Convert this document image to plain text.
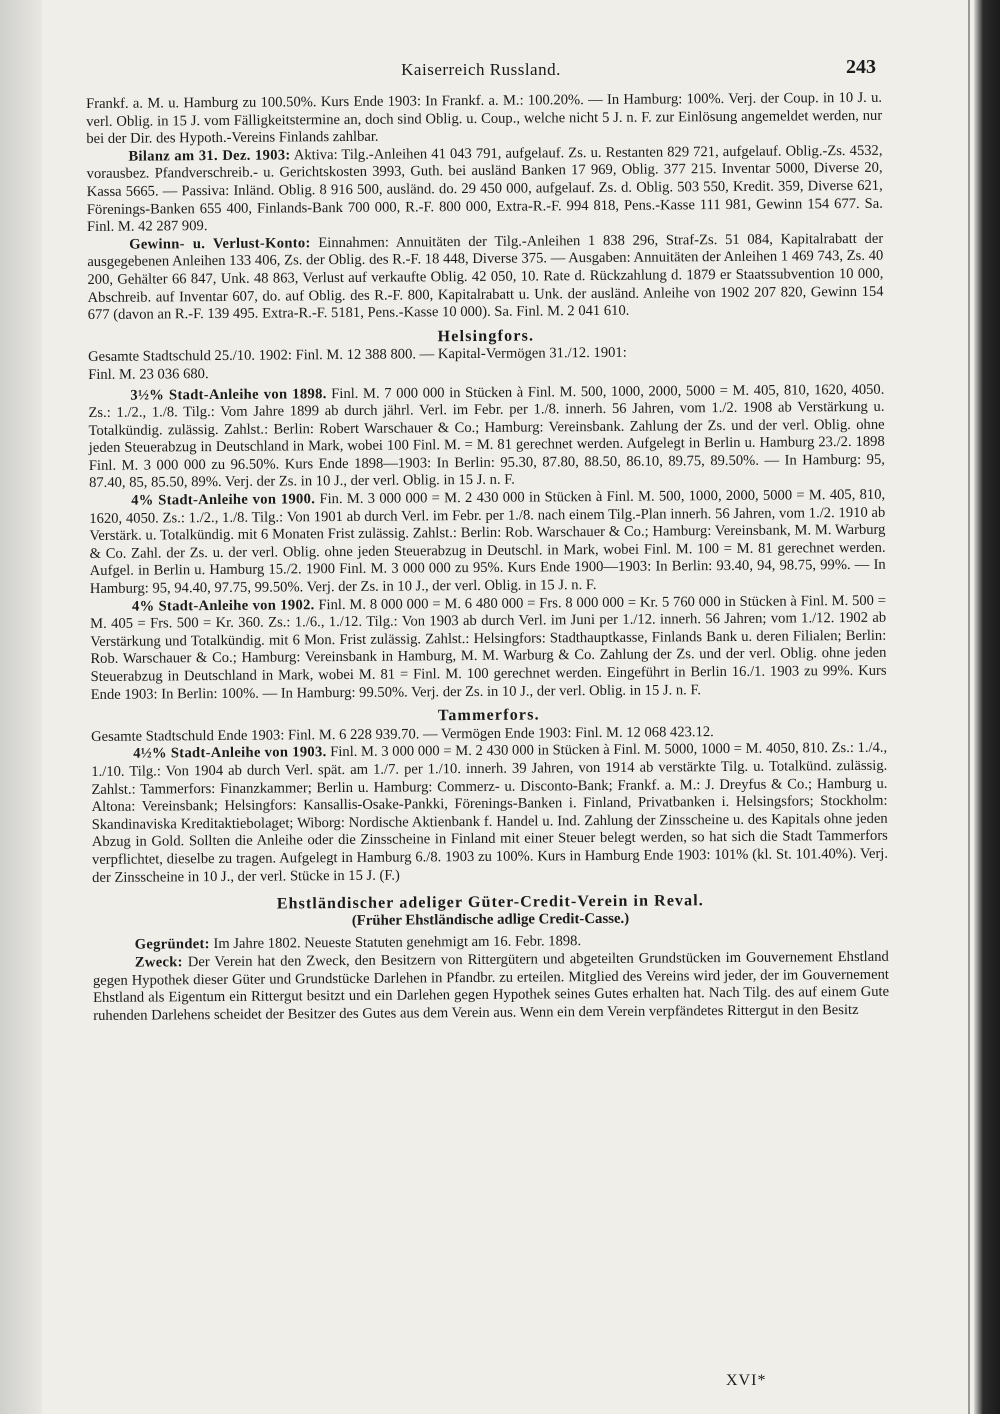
Kaiserreich Russland.	243

Frankf. a. M. u. Hamburg zu 100.50%. Kurs Ende 1903: In Frankf. a. M.: 100.20%. — In Hamburg: 100%. Verj. der Coup. in 10 J. u. verl. Oblig. in 15 J. vom Fälligkeitstermine an, doch sind Oblig. u. Coup., welche nicht 5 J. n. F. zur Einlösung angemeldet werden, nur bei der Dir. des Hypoth.-Vereins Finlands zahlbar.

Bilanz am 31. Dez. 1903: Aktiva: Tilg.-Anleihen 41 043 791, aufgelauf. Zs. u. Restanten 829 721, aufgelauf. Oblig.-Zs. 4532, vorausbez. Pfandverschreib.- u. Gerichtskosten 3993, Guth. bei ausländ Banken 17 969, Oblig. 377 215. Inventar 5000, Diverse 20, Kassa 5665. — Passiva: Inländ. Oblig. 8 916 500, ausländ. do. 29 450 000, aufgelauf. Zs. d. Oblig. 503 550, Kredit. 359, Diverse 621, Förenings-Banken 655 400, Finlands-Bank 700 000, R.-F. 800 000, Extra-R.-F. 994 818, Pens.-Kasse 111 981, Gewinn 154 677. Sa. Finl. M. 42 287 909.

Gewinn- u. Verlust-Konto: Einnahmen: Annuitäten der Tilg.-Anleihen 1 838 296, Straf-Zs. 51 084, Kapitalrabatt der ausgegebenen Anleihen 133 406, Zs. der Oblig. des R.-F. 18 448, Diverse 375. — Ausgaben: Annuitäten der Anleihen 1 469 743, Zs. 40 200, Gehälter 66 847, Unk. 48 863, Verlust auf verkaufte Oblig. 42 050, 10. Rate d. Rückzahlung d. 1879 er Staatssubvention 10 000, Abschreib. auf Inventar 607, do. auf Oblig. des R.-F. 800, Kapitalrabatt u. Unk. der ausländ. Anleihe von 1902 207 820, Gewinn 154 677 (davon an R.-F. 139 495. Extra-R.-F. 5181, Pens.-Kasse 10 000). Sa. Finl. M. 2 041 610.

Helsingfors.

Gesamte Stadtschuld 25./10. 1902: Finl. M. 12 388 800. — Kapital-Vermögen 31./12. 1901:

Finl. M. 23 036 680.

3½% Stadt-Anleihe von 1898. Finl. M. 7 000 000 in Stücken à Finl. M. 500, 1000, 2000, 5000 = M. 405, 810, 1620, 4050. Zs.: 1./2., 1./8. Tilg.: Vom Jahre 1899 ab durch jährl. Verl. im Febr. per 1./8. innerh. 56 Jahren, vom 1./2. 1908 ab Verstärkung u. Totalkündig. zulässig. Zahlst.: Berlin: Robert Warschauer & Co.; Hamburg: Vereinsbank. Zahlung der Zs. und der verl. Oblig. ohne jeden Steuerabzug in Deutschland in Mark, wobei 100 Finl. M. = M. 81 gerechnet werden. Aufgelegt in Berlin u. Hamburg 23./2. 1898 Finl. M. 3 000 000 zu 96.50%. Kurs Ende 1898—1903: In Berlin: 95.30, 87.80, 88.50, 86.10, 89.75, 89.50%. — In Hamburg: 95, 87.40, 85, 85.50, 89%. Verj. der Zs. in 10 J., der verl. Oblig. in 15 J. n. F.

4% Stadt-Anleihe von 1900. Fin. M. 3 000 000 = M. 2 430 000 in Stücken à Finl. M. 500, 1000, 2000, 5000 = M. 405, 810, 1620, 4050. Zs.: 1./2., 1./8. Tilg.: Von 1901 ab durch Verl. im Febr. per 1./8. nach einem Tilg.-Plan innerh. 56 Jahren, vom 1./2. 1910 ab Verstärk. u. Totalkündig. mit 6 Monaten Frist zulässig. Zahlst.: Berlin: Rob. Warschauer & Co.; Hamburg: Vereinsbank, M. M. Warburg & Co. Zahl. der Zs. u. der verl. Oblig. ohne jeden Steuerabzug in Deutschl. in Mark, wobei Finl. M. 100 = M. 81 gerechnet werden. Aufgel. in Berlin u. Hamburg 15./2. 1900 Finl. M. 3 000 000 zu 95%. Kurs Ende 1900—1903: In Berlin: 93.40, 94, 98.75, 99%. — In Hamburg: 95, 94.40, 97.75, 99.50%. Verj. der Zs. in 10 J., der verl. Oblig. in 15 J. n. F.

4% Stadt-Anleihe von 1902. Finl. M. 8 000 000 = M. 6 480 000 = Frs. 8 000 000 = Kr. 5 760 000 in Stücken à Finl. M. 500 = M. 405 = Frs. 500 = Kr. 360. Zs.: 1./6., 1./12. Tilg.: Von 1903 ab durch Verl. im Juni per 1./12. innerh. 56 Jahren; vom 1./12. 1902 ab Verstärkung und Totalkündig. mit 6 Mon. Frist zulässig. Zahlst.: Helsingfors: Stadthauptkasse, Finlands Bank u. deren Filialen; Berlin: Rob. Warschauer & Co.; Hamburg: Vereinsbank in Hamburg, M. M. Warburg & Co. Zahlung der Zs. und der verl. Oblig. ohne jeden Steuerabzug in Deutschland in Mark, wobei M. 81 = Finl. M. 100 gerechnet werden. Eingeführt in Berlin 16./1. 1903 zu 99%. Kurs Ende 1903: In Berlin: 100%. — In Hamburg: 99.50%. Verj. der Zs. in 10 J., der verl. Oblig. in 15 J. n. F.

Tammerfors.

Gesamte Stadtschuld Ende 1903: Finl. M. 6 228 939.70. — Vermögen Ende 1903: Finl. M. 12 068 423.12.

4½% Stadt-Anleihe von 1903. Finl. M. 3 000 000 = M. 2 430 000 in Stücken à Finl. M. 5000, 1000 = M. 4050, 810. Zs.: 1./4., 1./10. Tilg.: Von 1904 ab durch Verl. spät. am 1./7. per 1./10. innerh. 39 Jahren, von 1914 ab verstärkte Tilg. u. Totalkünd. zulässig. Zahlst.: Tammerfors: Finanzkammer; Berlin u. Hamburg: Commerz- u. Disconto-Bank; Frankf. a. M.: J. Dreyfus & Co.; Hamburg u. Altona: Vereinsbank; Helsingfors: Kansallis-Osake-Pankki, Förenings-Banken i. Finland, Privatbanken i. Helsingsfors; Stockholm: Skandinaviska Kreditaktiebolaget; Wiborg: Nordische Aktienbank f. Handel u. Ind. Zahlung der Zinsscheine u. des Kapitals ohne jeden Abzug in Gold. Sollten die Anleihe oder die Zinsscheine in Finland mit einer Steuer belegt werden, so hat sich die Stadt Tammerfors verpflichtet, dieselbe zu tragen. Aufgelegt in Hamburg 6./8. 1903 zu 100%. Kurs in Hamburg Ende 1903: 101% (kl. St. 101.40%). Verj. der Zinsscheine in 10 J., der verl. Stücke in 15 J. (F.)

Ehstländischer adeliger Güter-Credit-Verein in Reval.
(Früher Ehstländische adlige Credit-Casse.)

Gegründet: Im Jahre 1802. Neueste Statuten genehmigt am 16. Febr. 1898.

Zweck: Der Verein hat den Zweck, den Besitzern von Rittergütern und abgeteilten Grundstücken im Gouvernement Ehstland gegen Hypothek dieser Güter und Grundstücke Darlehen in Pfandbr. zu erteilen. Mitglied des Vereins wird jeder, der im Gouvernement Ehstland als Eigentum ein Rittergut besitzt und ein Darlehen gegen Hypothek seines Gutes erhalten hat. Nach Tilg. des auf einem Gute ruhenden Darlehens scheidet der Besitzer des Gutes aus dem Verein aus. Wenn ein dem Verein verpfändetes Rittergut in den Besitz

XVI*
